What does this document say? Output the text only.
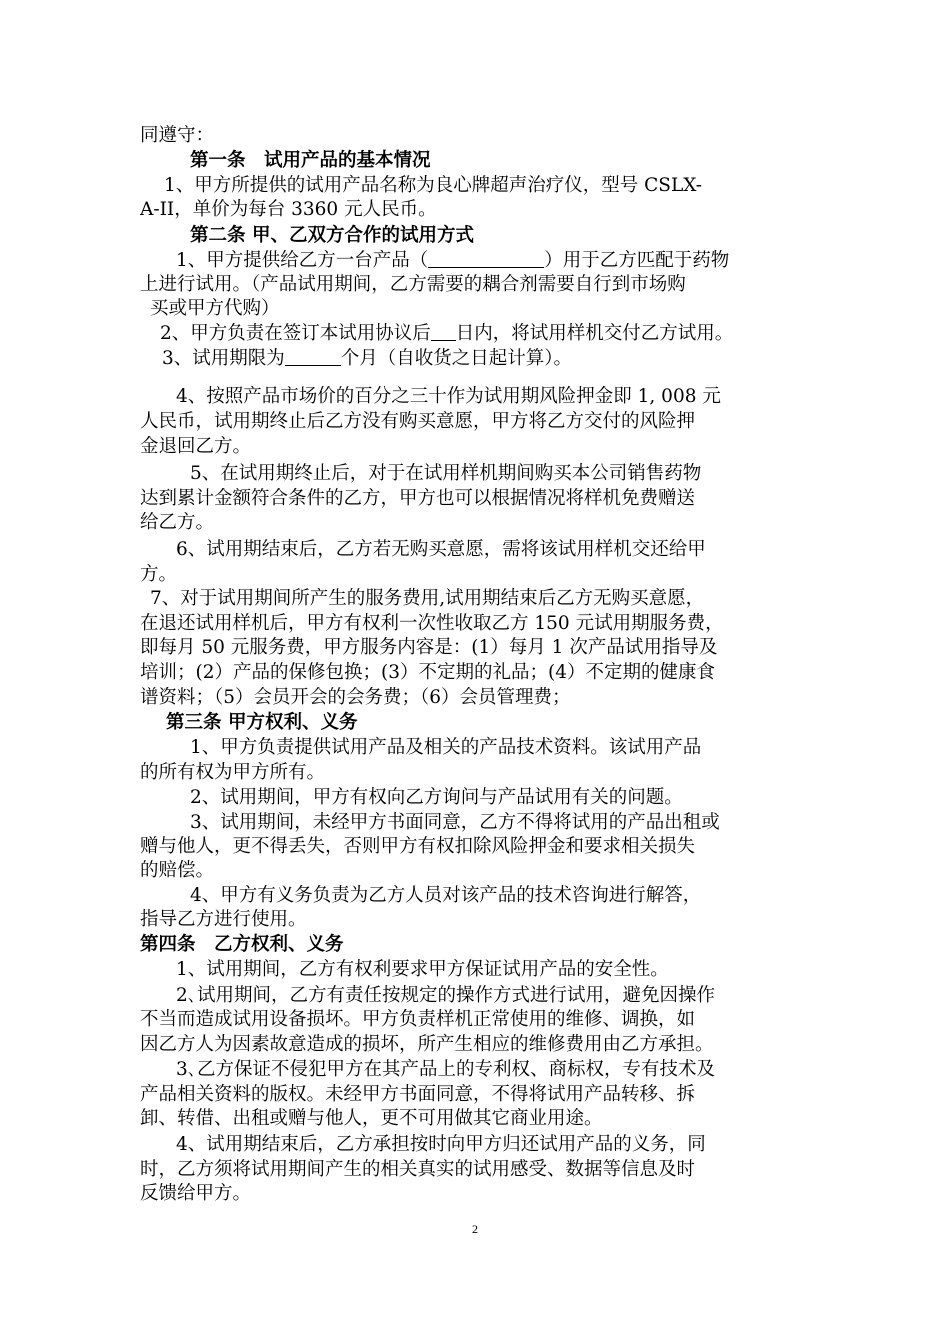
同遵守：
第一条　试用产品的基本情况
1、甲方所提供的试用产品名称为良心牌超声治疗仪，型号 CSLX-
A-II，单价为每台 3360 元人民币。
第二条 甲、乙双方合作的试用方式
1、甲方提供给乙方一台产品（	）用于乙方匹配于药物
上进行试用。（产品试用期间，乙方需要的耦合剂需要自行到市场购
买或甲方代购）
2、甲方负责在签订本试用协议后 日内，将试用样机交付乙方试用。
3、试用期限为	个月（自收货之日起计算）。
4、按照产品市场价的百分之三十作为试用期风险押金即 1, 008 元
人民币，试用期终止后乙方没有购买意愿，甲方将乙方交付的风险押
金退回乙方。
5、在试用期终止后，对于在试用样机期间购买本公司销售药物
达到累计金额符合条件的乙方，甲方也可以根据情况将样机免费赠送
给乙方。
6、试用期结束后，乙方若无购买意愿，需将该试用样机交还给甲
方。
7、对于试用期间所产生的服务费用,试用期结束后乙方无购买意愿，
在退还试用样机后，甲方有权利一次性收取乙方 150 元试用期服务费，
即每月 50 元服务费，甲方服务内容是：(1）每月 1 次产品试用指导及
培训；(2）产品的保修包换；(3）不定期的礼品；(4）不定期的健康食
谱资料；（5）会员开会的会务费；（6）会员管理费；
第三条 甲方权利、义务
1、甲方负责提供试用产品及相关的产品技术资料。该试用产品
的所有权为甲方所有。
2、试用期间，甲方有权向乙方询问与产品试用有关的问题。
3、试用期间，未经甲方书面同意，乙方不得将试用的产品出租或
赠与他人，更不得丢失，否则甲方有权扣除风险押金和要求相关损失
的赔偿。
4、甲方有义务负责为乙方人员对该产品的技术咨询进行解答，
指导乙方进行使用。
第四条　乙方权利、义务
1、试用期间，乙方有权利要求甲方保证试用产品的安全性。
2､试用期间，乙方有责任按规定的操作方式进行试用，避免因操作
不当而造成试用设备损坏。甲方负责样机正常使用的维修、调换，如
因乙方人为因素故意造成的损坏，所产生相应的维修费用由乙方承担。
3､乙方保证不侵犯甲方在其产品上的专利权、商标权，专有技术及
产品相关资料的版权。未经甲方书面同意，不得将试用产品转移、拆
卸、转借、出租或赠与他人，更不可用做其它商业用途。
4、试用期结束后，乙方承担按时向甲方归还试用产品的义务，同
时，乙方须将试用期间产生的相关真实的试用感受、数据等信息及时
反馈给甲方。
2
